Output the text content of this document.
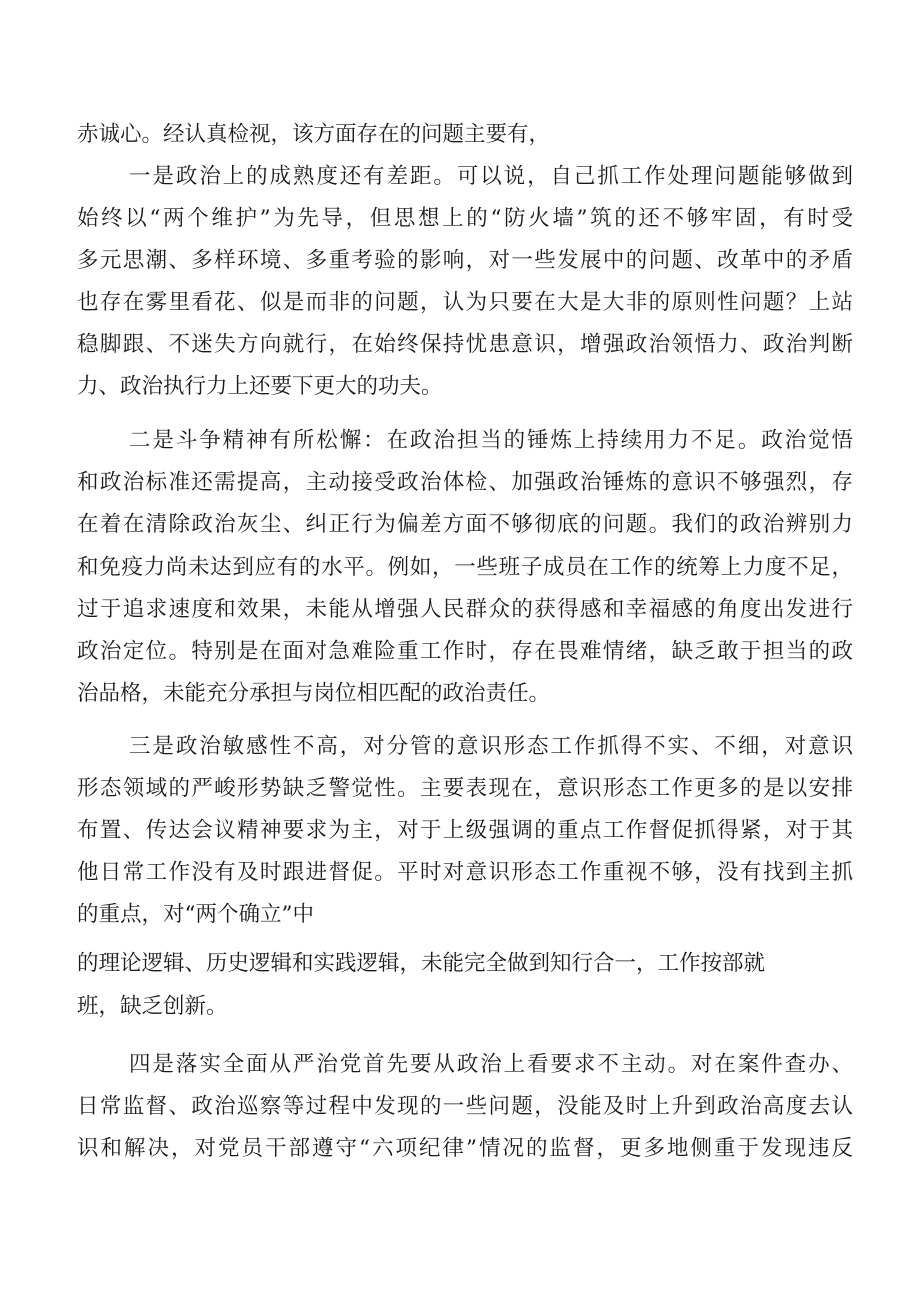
赤诚心。经认真检视，该方面存在的问题主要有，
一是政治上的成熟度还有差距。可以说，自己抓工作处理问题能够做到
始终以“两个维护”为先导，但思想上的“防火墙”筑的还不够牢固，有时受
多元思潮、多样环境、多重考验的影响，对一些发展中的问题、改革中的矛盾
也存在雾里看花、似是而非的问题，认为只要在大是大非的原则性问题？上站
稳脚跟、不迷失方向就行，在始终保持忧患意识，增强政治领悟力、政治判断
力、政治执行力上还要下更大的功夫。
二是斗争精神有所松懈：在政治担当的锤炼上持续用力不足。政治觉悟
和政治标准还需提高，主动接受政治体检、加强政治锤炼的意识不够强烈，存
在着在清除政治灰尘、纠正行为偏差方面不够彻底的问题。我们的政治辨别力
和免疫力尚未达到应有的水平。例如，一些班子成员在工作的统筹上力度不足，
过于追求速度和效果，未能从增强人民群众的获得感和幸福感的角度出发进行
政治定位。特别是在面对急难险重工作时，存在畏难情绪，缺乏敢于担当的政
治品格，未能充分承担与岗位相匹配的政治责任。
三是政治敏感性不高，对分管的意识形态工作抓得不实、不细，对意识
形态领域的严峻形势缺乏警觉性。主要表现在，意识形态工作更多的是以安排
布置、传达会议精神要求为主，对于上级强调的重点工作督促抓得紧，对于其
他日常工作没有及时跟进督促。平时对意识形态工作重视不够，没有找到主抓
的重点，对“两个确立”中
的理论逻辑、历史逻辑和实践逻辑，未能完全做到知行合一，工作按部就
班，缺乏创新。
四是落实全面从严治党首先要从政治上看要求不主动。对在案件查办、
日常监督、政治巡察等过程中发现的一些问题，没能及时上升到政治高度去认
识和解决，对党员干部遵守“六项纪律”情况的监督，更多地侧重于发现违反
